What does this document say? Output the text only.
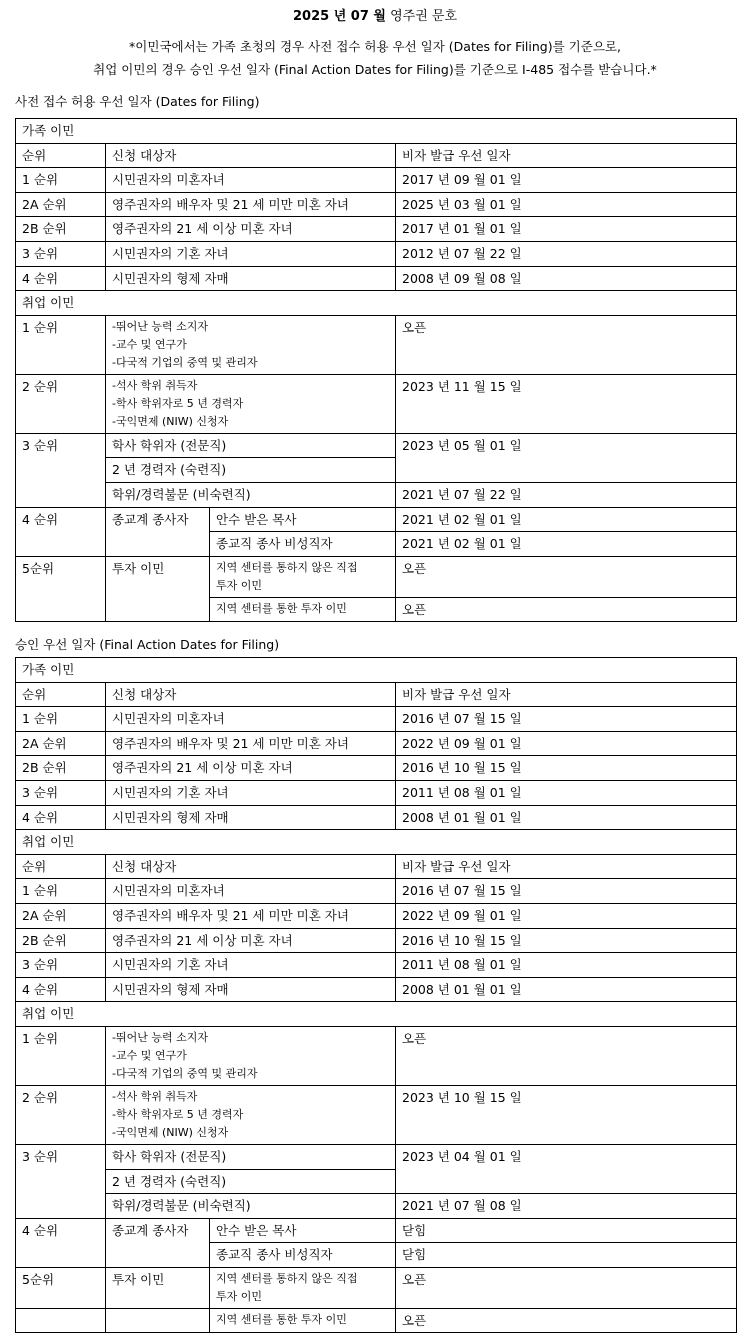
2025 년 07 월 영주권 문호
*이민국에서는 가족 초청의 경우 사전 접수 허용 우선 일자 (Dates for Filing)를 기준으로,
취업 이민의 경우 승인 우선 일자 (Final Action Dates for Filing)를 기준으로 I-485 접수를 받습니다.*
사전 접수 허용 우선 일자 (Dates for Filing)
가족 이민			
순위	신청 대상자		비자 발급 우선 일자
1 순위	시민권자의 미혼자녀		2017 년 09 월 01 일
2A 순위	영주권자의 배우자 및 21 세 미만 미혼 자녀		2025 년 03 월 01 일
2B 순위	영주권자의 21 세 이상 미혼 자녀		2017 년 01 월 01 일
3 순위	시민권자의 기혼 자녀		2012 년 07 월 22 일
4 순위	시민권자의 형제 자매		2008 년 09 월 08 일
취업 이민			
1 순위	-뛰어난 능력 소지자
-교수 및 연구가
-다국적 기업의 중역 및 관리자		오픈
2 순위	-석사 학위 취득자
-학사 학위자로 5 년 경력자
-국익면제 (NIW) 신청자		2023 년 11 월 15 일
3 순위	학사 학위자 (전문직)		2023 년 05 월 01 일
	2 년 경력자 (숙련직)		
	학위/경력불문 (비숙련직)		2021 년 07 월 22 일
4 순위	종교계 종사자	안수 받은 목사	2021 년 02 월 01 일
		종교직 종사 비성직자	2021 년 02 월 01 일
5순위	투자 이민	지역 센터를 통하지 않은 직접
투자 이민	오픈
		지역 센터를 통한 투자 이민	오픈
승인 우선 일자 (Final Action Dates for Filing)
가족 이민			
순위	신청 대상자		비자 발급 우선 일자
1 순위	시민권자의 미혼자녀		2016 년 07 월 15 일
2A 순위	영주권자의 배우자 및 21 세 미만 미혼 자녀		2022 년 09 월 01 일
2B 순위	영주권자의 21 세 이상 미혼 자녀		2016 년 10 월 15 일
3 순위	시민권자의 기혼 자녀		2011 년 08 월 01 일
4 순위	시민권자의 형제 자매		2008 년 01 월 01 일
취업 이민			
순위	신청 대상자		비자 발급 우선 일자
1 순위	시민권자의 미혼자녀		2016 년 07 월 15 일
2A 순위	영주권자의 배우자 및 21 세 미만 미혼 자녀		2022 년 09 월 01 일
2B 순위	영주권자의 21 세 이상 미혼 자녀		2016 년 10 월 15 일
3 순위	시민권자의 기혼 자녀		2011 년 08 월 01 일
4 순위	시민권자의 형제 자매		2008 년 01 월 01 일
취업 이민			
1 순위	-뛰어난 능력 소지자
-교수 및 연구가
-다국적 기업의 중역 및 관리자		오픈
2 순위	-석사 학위 취득자
-학사 학위자로 5 년 경력자
-국익면제 (NIW) 신청자		2023 년 10 월 15 일
3 순위	학사 학위자 (전문직)		2023 년 04 월 01 일
	2 년 경력자 (숙련직)		
	학위/경력불문 (비숙련직)		2021 년 07 월 08 일
4 순위	종교계 종사자	안수 받은 목사	닫힘
		종교직 종사 비성직자	닫힘
5순위	투자 이민	지역 센터를 통하지 않은 직접
투자 이민	오픈
		지역 센터를 통한 투자 이민	오픈
